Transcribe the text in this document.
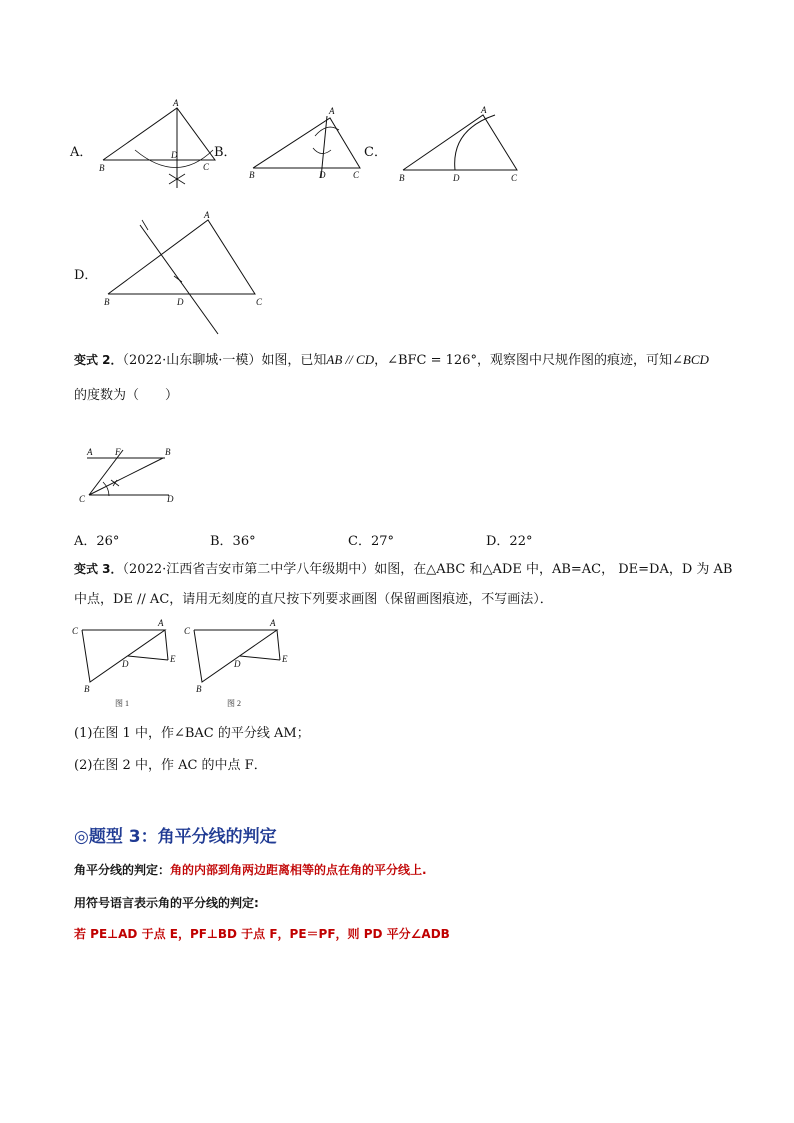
A．
A
B
D
C
B．
A
B	D	C
C．
A
B	D	C
D．
A
B	D	C
变式 2．（2022·山东聊城·一模）如图，已知AB // CD，∠BFC = 126°，观察图中尺规作图的痕迹，可知∠BCD
的度数为（　　）
A	F	B
C	D
A．26°	B．36°	C．27°	D．22°
变式 3．（2022·江西省吉安市第二中学八年级期中）如图，在△ABC 和△ADE 中，AB=AC， DE=DA，D 为 AB
中点，DE // AC，请用无刻度的直尺按下列要求画图（保留画图痕迹，不写画法）．
C
A
D	E
B
图 1
C
A
D	E
B
图 2
(1)在图 1 中，作∠BAC 的平分线 AM；
(2)在图 2 中，作 AC 的中点 F．
◎题型 3：角平分线的判定
角平分线的判定：角的内部到角两边距离相等的点在角的平分线上.
用符号语言表示角的平分线的判定:
若 PE⊥AD 于点 E，PF⊥BD 于点 F，PE＝PF，则 PD 平分∠ADB
